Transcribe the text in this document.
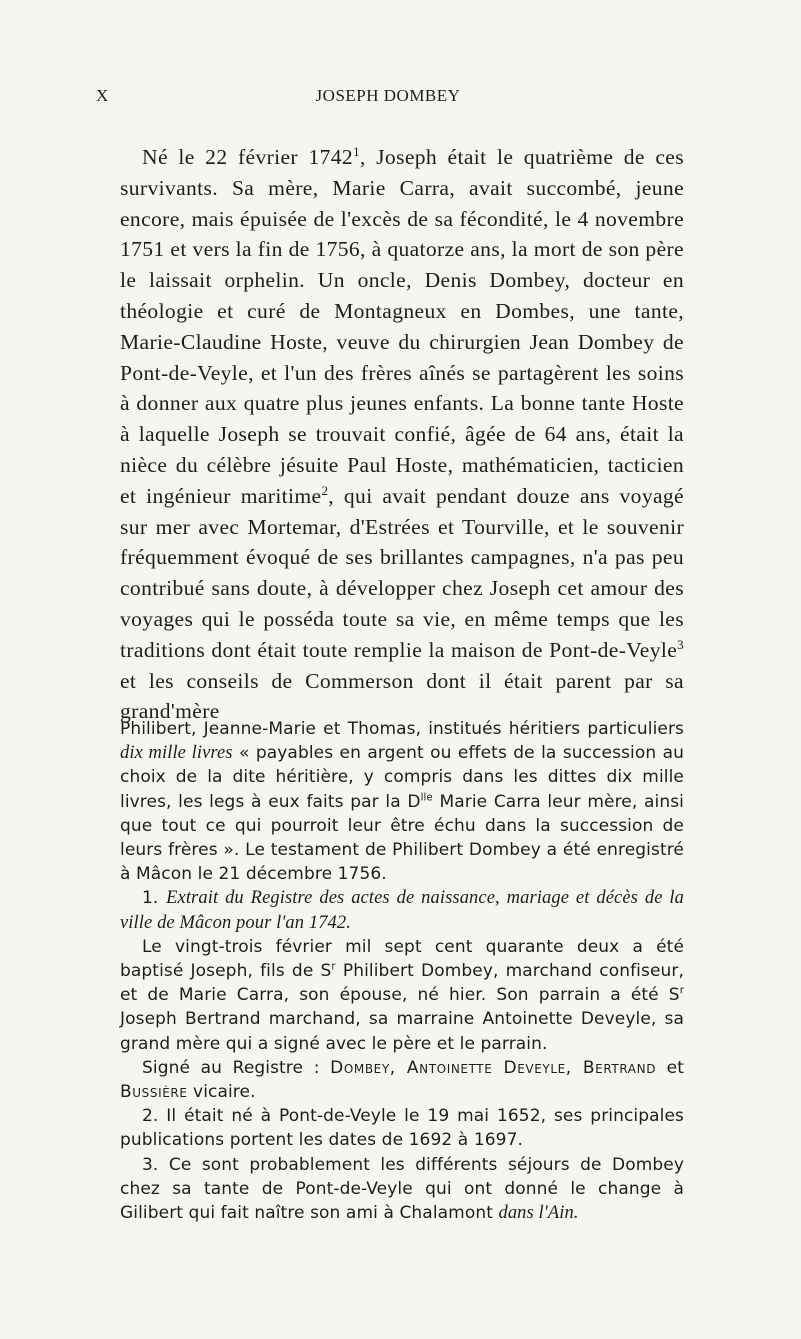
X	JOSEPH DOMBEY

Né le 22 février 1742$^1$, Joseph était le quatrième de ces survivants. Sa mère, Marie Carra, avait succombé, jeune encore, mais épuisée de l'excès de sa fécondité, le 4 novembre 1751 et vers la fin de 1756, à quatorze ans, la mort de son père le laissait orphelin. Un oncle, Denis Dombey, docteur en théologie et curé de Montagneux en Dombes, une tante, Marie-Claudine Hoste, veuve du chirurgien Jean Dombey de Pont-de-Veyle, et l'un des frères aînés se partagèrent les soins à donner aux quatre plus jeunes enfants. La bonne tante Hoste à laquelle Joseph se trouvait confié, âgée de 64 ans, était la nièce du célèbre jésuite Paul Hoste, mathématicien, tacticien et ingénieur maritime$^2$, qui avait pendant douze ans voyagé sur mer avec Mortemar, d'Estrées et Tourville, et le souvenir fréquemment évoqué de ses brillantes campagnes, n'a pas peu contribué sans doute, à développer chez Joseph cet amour des voyages qui le posséda toute sa vie, en même temps que les traditions dont était toute remplie la maison de Pont-de-Veyle$^3$ et les conseils de Commerson dont il était parent par sa grand'mère

Philibert, Jeanne-Marie et Thomas, institués héritiers particuliers dix mille livres « payables en argent ou effets de la succession au choix de la dite héritière, y compris dans les dittes dix mille livres, les legs à eux faits par la $D^{lle}$ Marie Carra leur mère, ainsi que tout ce qui pourroit leur être échu dans la succession de leurs frères ». Le testament de Philibert Dombey a été enregistré à Mâcon le 21 décembre 1756.

1. Extrait du Registre des actes de naissance, mariage et décès de la ville de Mâcon pour l'an 1742.

Le vingt-trois février mil sept cent quarante deux a été baptisé Joseph, fils de $S^r$ Philibert Dombey, marchand confiseur, et de Marie Carra, son épouse, né hier. Son parrain a été $S^r$ Joseph Bertrand marchand, sa marraine Antoinette Deveyle, sa grand mère qui a signé avec le père et le parrain.

Signé au Registre : Dombey, Antoinette Deveyle, Bertrand et Bussière vicaire.

2. Il était né à Pont-de-Veyle le 19 mai 1652, ses principales publications portent les dates de 1692 à 1697.

3. Ce sont probablement les différents séjours de Dombey chez sa tante de Pont-de-Veyle qui ont donné le change à Gilibert qui fait naître son ami à Chalamont dans l'Ain.
